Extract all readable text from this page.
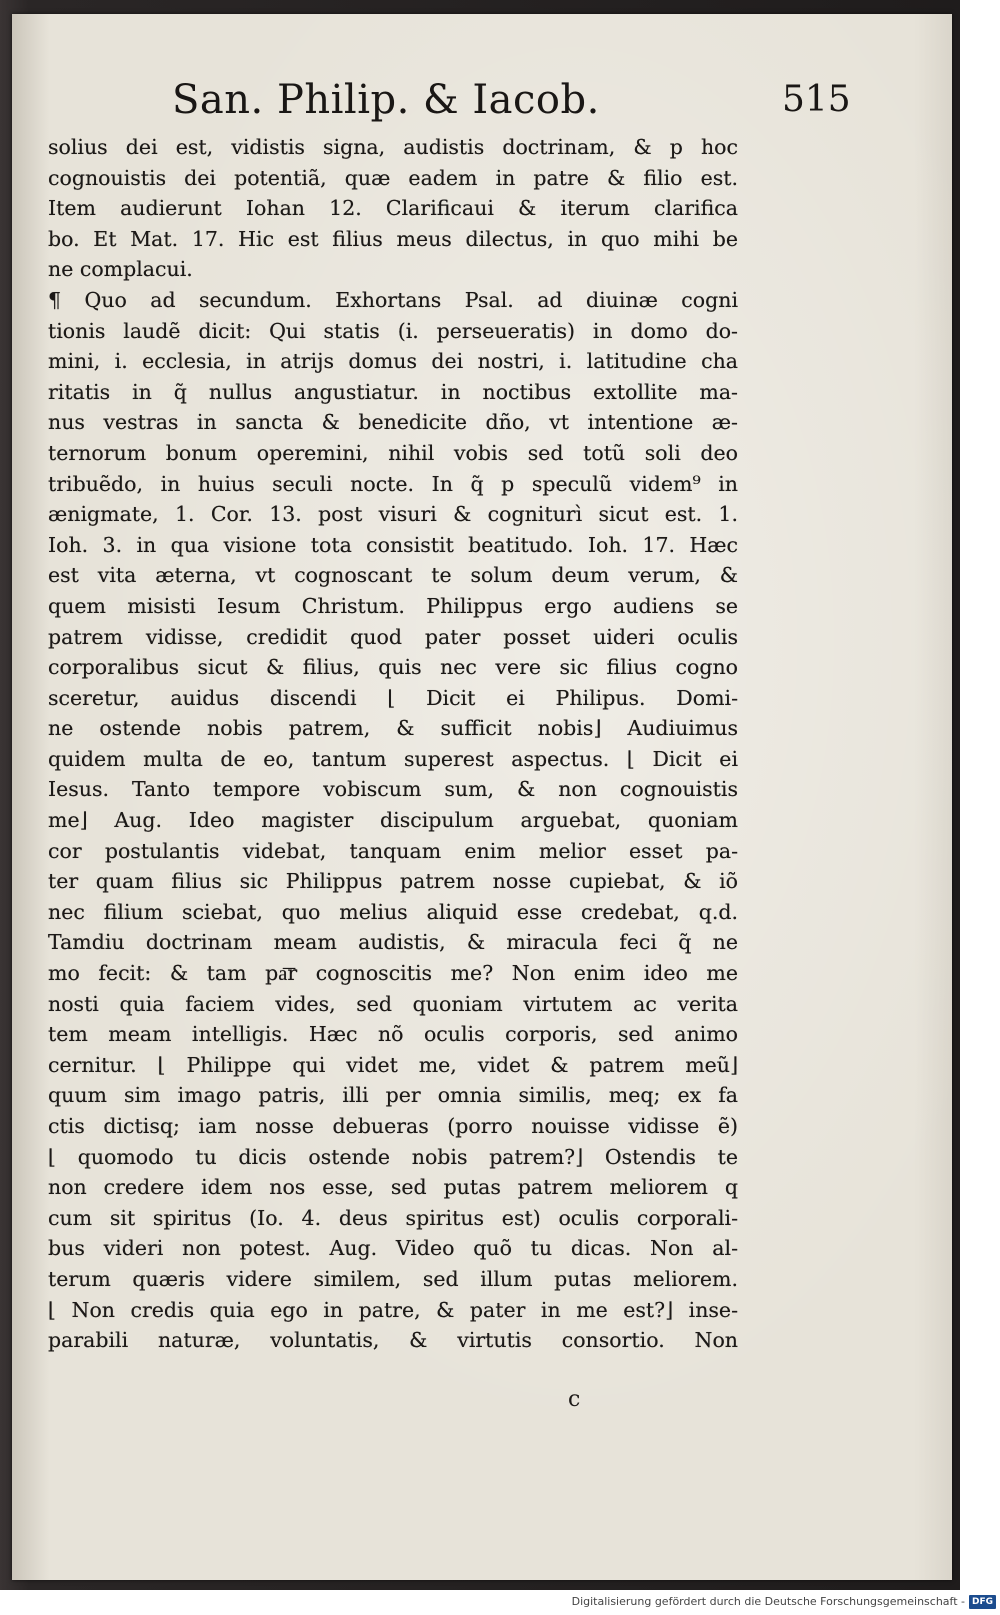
San. Philip. & Iacob.	515
solius dei est, vidistis signa, audistis doctrinam, & p hoc
cognouistis dei potentiã, quæ eadem in patre & filio est.
Item audierunt Iohan 12. Clarificaui & iterum clarifica
bo. Et Mat. 17. Hic est filius meus dilectus, in quo mihi be
ne complacui.
¶ Quo ad secundum. Exhortans Psal. ad diuinæ cogni
tionis laudẽ dicit: Qui statis (i. perseueratis) in domo do-
mini, i. ecclesia, in atrijs domus dei nostri, i. latitudine cha
ritatis in q̃ nullus angustiatur. in noctibus extollite ma-
nus vestras in sancta & benedicite dño, vt intentione æ-
ternorum bonum operemini, nihil vobis sed totũ soli deo
tribuẽdo, in huius seculi nocte. In q̃ p speculũ videm⁹ in
ænigmate, 1. Cor. 13. post visuri & cogniturì sicut est. 1.
Ioh. 3. in qua visione tota consistit beatitudo. Ioh. 17. Hæc
est vita æterna, vt cognoscant te solum deum verum, &
quem misisti Iesum Christum. Philippus ergo audiens se
patrem vidisse, credidit quod pater posset uideri oculis
corporalibus sicut & filius, quis nec vere sic filius cogno
sceretur, auidus discendi ⌊ Dicit ei Philipus. Domi-
ne ostende nobis patrem, & sufficit nobis⌋ Audiuimus
quidem multa de eo, tantum superest aspectus. ⌊ Dicit ei
Iesus. Tanto tempore vobiscum sum, & non cognouistis
me⌋ Aug. Ideo magister discipulum arguebat, quoniam
cor postulantis videbat, tanquam enim melior esset pa-
ter quam filius sic Philippus patrem nosse cupiebat, & iõ
nec filium sciebat, quo melius aliquid esse credebat, q.d.
Tamdiu doctrinam meam audistis, & miracula feci q̃ ne
mo fecit: & tam pa͞r cognoscitis me? Non enim ideo me
nosti quia faciem vides, sed quoniam virtutem ac verita
tem meam intelligis. Hæc nõ oculis corporis, sed animo
cernitur. ⌊ Philippe qui videt me, videt & patrem meũ⌋
quum sim imago patris, illi per omnia similis, meq; ex fa
ctis dictisq; iam nosse debueras (porro nouisse vidisse ẽ)
⌊ quomodo tu dicis ostende nobis patrem?⌋ Ostendis te
non credere idem nos esse, sed putas patrem meliorem q
cum sit spiritus (Io. 4. deus spiritus est) oculis corporali-
bus videri non potest. Aug. Video quõ tu dicas. Non al-
terum quæris videre similem, sed illum putas meliorem.
⌊ Non credis quia ego in patre, & pater in me est?⌋ inse-
parabili naturæ, voluntatis, & virtutis consortio. Non
c
Digitalisierung gefördert durch die Deutsche Forschungsgemeinschaft - DFG
